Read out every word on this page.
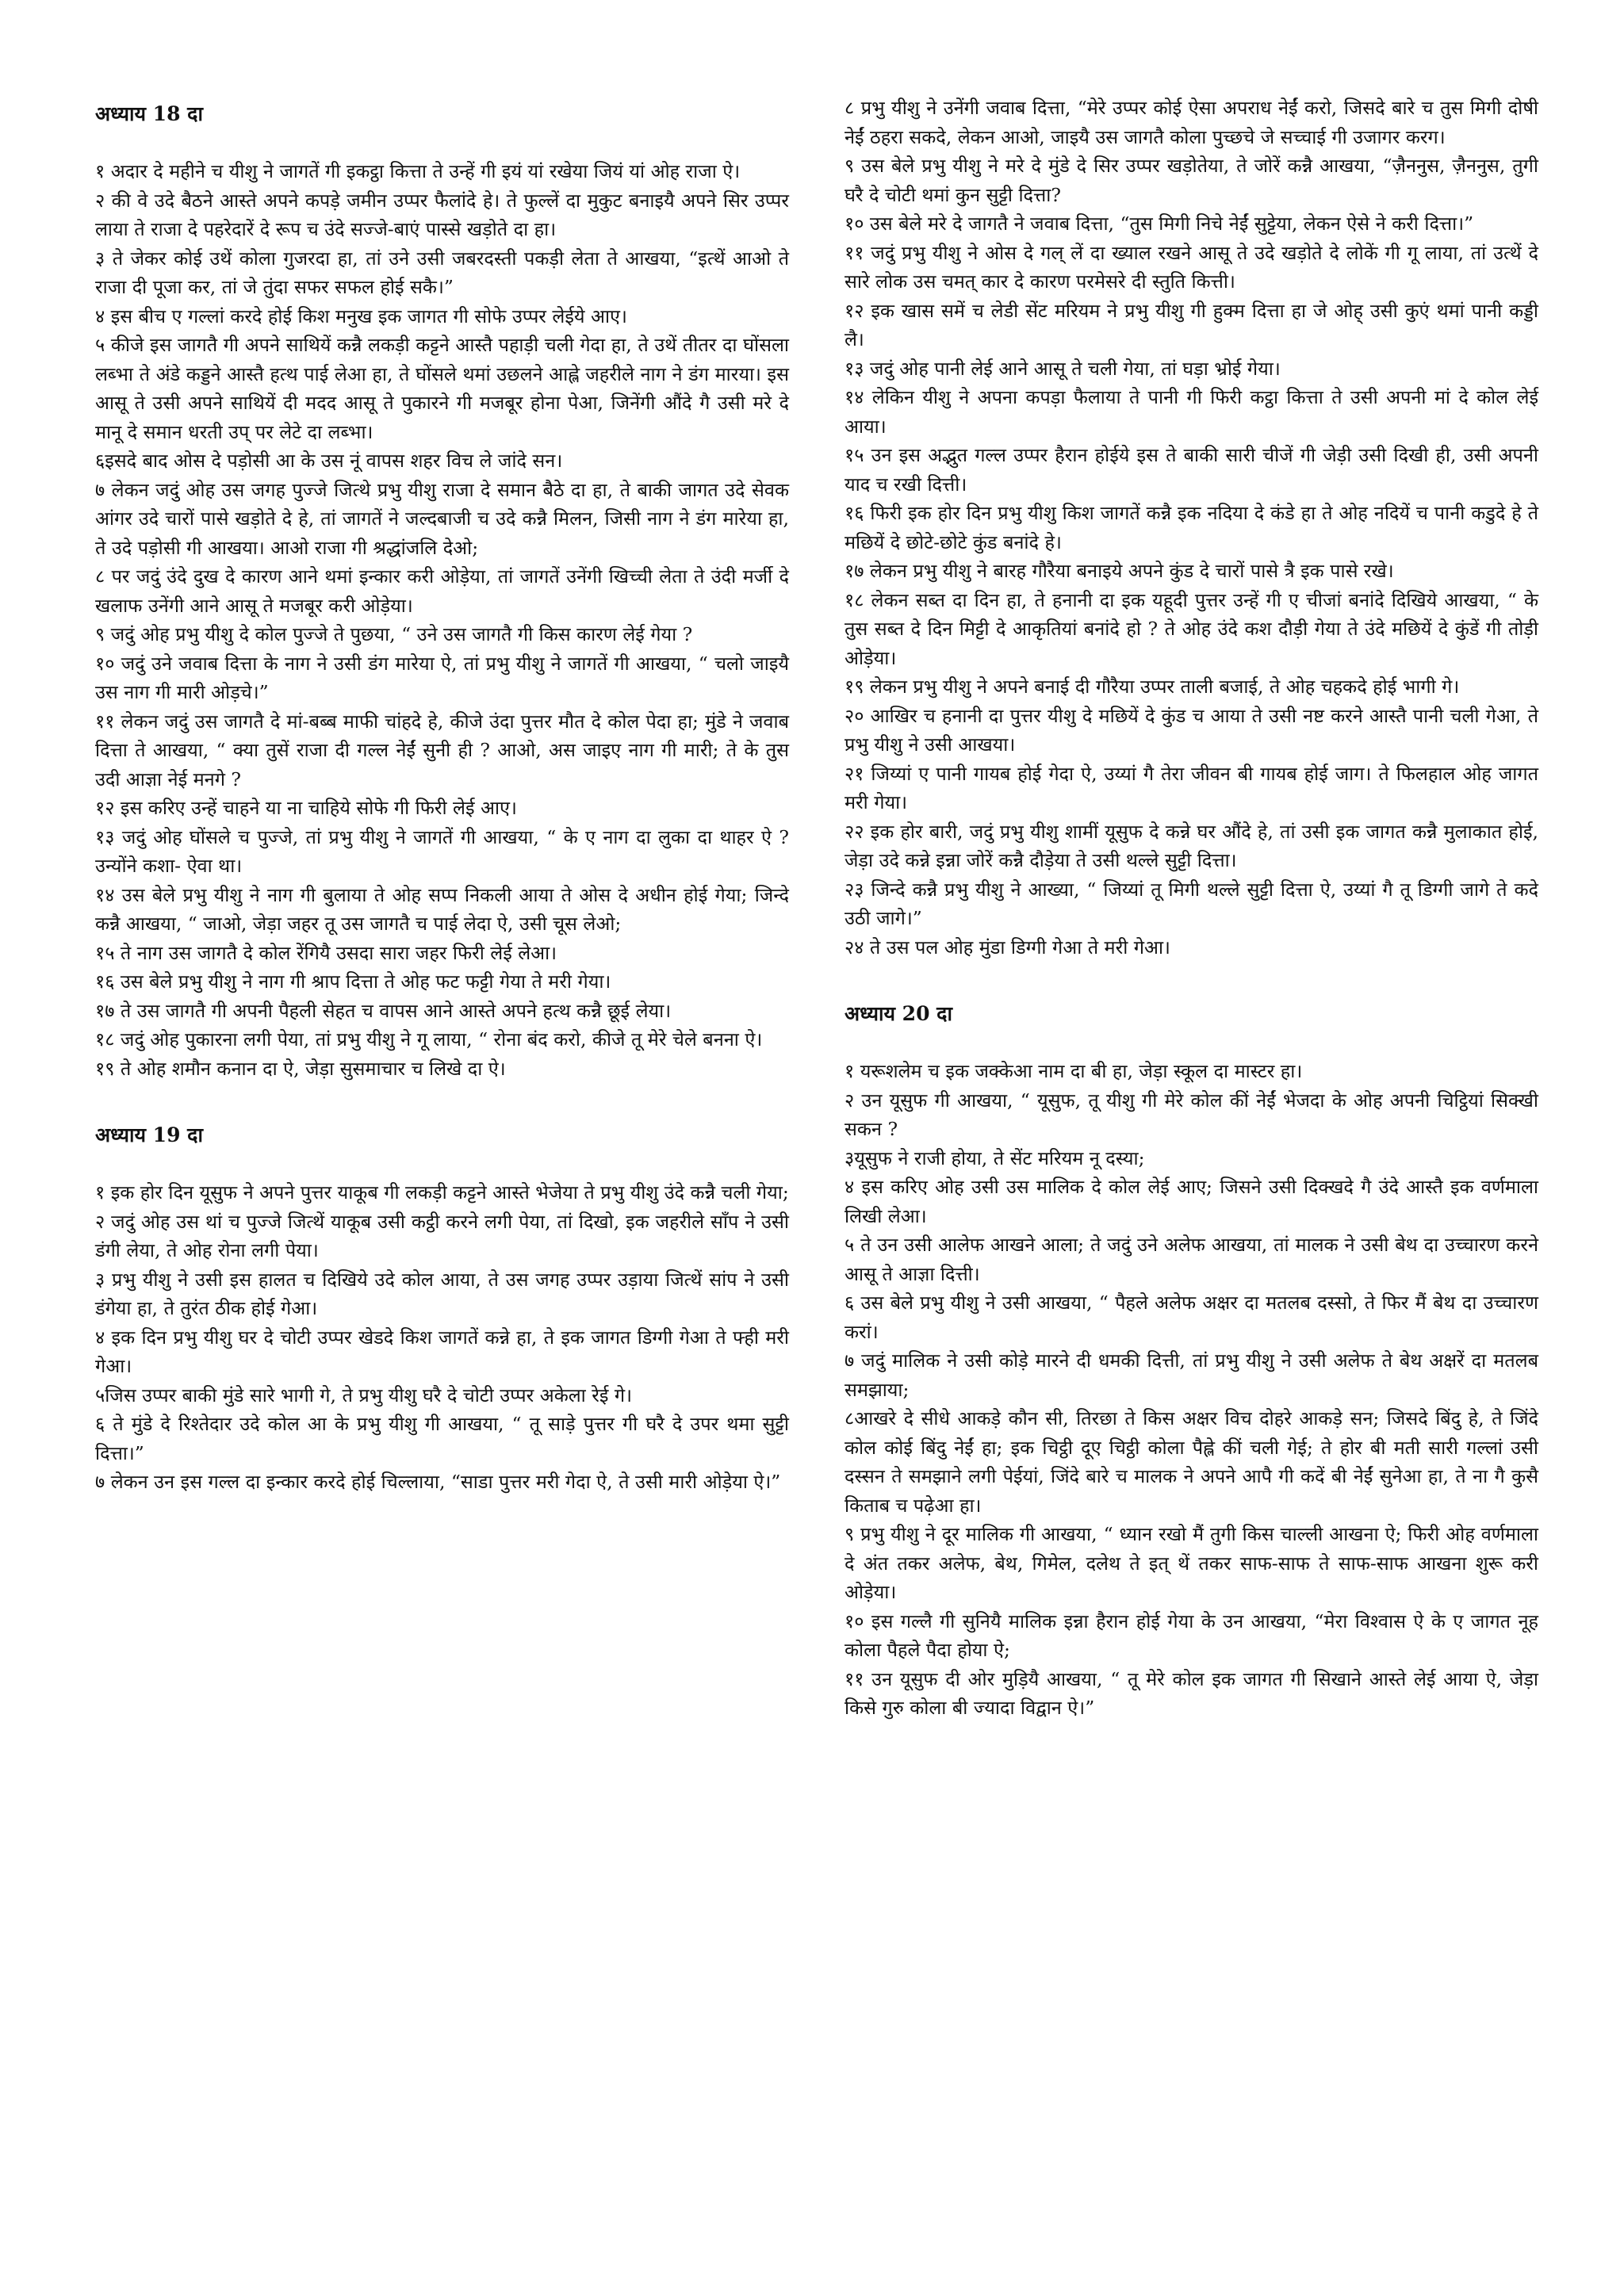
अध्याय 18 दा

१ अदार दे महीने च यीशु ने जागतें गी इकट्ठा कित्ता ते उन्हें गी इयं यां रखेया जियं यां ओह राजा ऐ।

२ की वे उदे बैठने आस्ते अपने कपड़े जमीन उप्पर फैलांदे हे। ते फुल्लें दा मुकुट बनाइयै अपने सिर उप्पर लाया ते राजा दे पहरेदारें दे रूप च उंदे सज्जे-बाएं पास्से खड़ोते दा हा।

३ ते जेकर कोई उथें कोला गुजरदा हा, तां उने उसी जबरदस्ती पकड़ी लेता ते आखया, “इत्थें आओ ते राजा दी पूजा कर, तां जे तुंदा सफर सफल होई सकै।”

४ इस बीच ए गल्लां करदे होई किश मनुख इक जागत गी सोफे उप्पर लेईये आए।

५ कीजे इस जागतै गी अपने साथियें कन्नै लकड़ी कट्टने आस्तै पहाड़ी चली गेदा हा, ते उथें तीतर दा घोंसला लब्भा ते अंडे कड्डने आस्तै हत्थ पाई लेआ हा, ते घोंसले थमां उछलने आह्ले जहरीले नाग ने डंग मारया। इस आसू ते उसी अपने साथियें दी मदद आसू ते पुकारने गी मजबूर होना पेआ, जिनेंगी औंदे गै उसी मरे दे मानू दे समान धरती उप् पर लेटे दा लब्भा।

६इसदे बाद ओस दे पड़ोसी आ के उस नूं वापस शहर विच ले जांदे सन।

७ लेकन जदुं ओह उस जगह पुज्जे जित्थे प्रभु यीशु राजा दे समान बैठे दा हा, ते बाकी जागत उदे सेवक आंगर उदे चारों पासे खड़ोते दे हे, तां जागतें ने जल्दबाजी च उदे कन्नै मिलन, जिसी नाग ने डंग मारेया हा, ते उदे पड़ोसी गी आखया। आओ राजा गी श्रद्धांजलि देओ;

८ पर जदुं उंदे दुख दे कारण आने थमां इन्कार करी ओड़ेया, तां जागतें उनेंगी खिच्ची लेता ते उंदी मर्जी दे खलाफ उनेंगी आने आसू ते मजबूर करी ओड़ेया।

९ जदुं ओह प्रभु यीशु दे कोल पुज्जे ते पुछया, “ उने उस जागतै गी किस कारण लेई गेया ?

१० जदुं उने जवाब दित्ता के नाग ने उसी डंग मारेया ऐ, तां प्रभु यीशु ने जागतें गी आखया, “ चलो जाइयै उस नाग गी मारी ओड़चे।”

११ लेकन जदुं उस जागतै दे मां-बब्ब माफी चांहदे हे, कीजे उंदा पुत्तर मौत दे कोल पेदा हा; मुंडे ने जवाब दित्ता ते आखया, “ क्या तुसें राजा दी गल्ल नेईं सुनी ही ? आओ, अस जाइए नाग गी मारी; ते के तुस उदी आज्ञा नेई मनगे ?

१२ इस करिए उन्हें चाहने या ना चाहिये सोफे गी फिरी लेई आए।

१३ जदुं ओह घोंसले च पुज्जे, तां प्रभु यीशु ने जागतें गी आखया, “ के ए नाग दा लुका दा थाहर ऐ ? उन्योंने कशा- ऐवा था।

१४ उस बेले प्रभु यीशु ने नाग गी बुलाया ते ओह सप्प निकली आया ते ओस दे अधीन होई गेया; जिन्दे कन्नै आखया, “ जाओ, जेड़ा जहर तू उस जागतै च पाई लेदा ऐ, उसी चूस लेओ;

१५ ते नाग उस जागतै दे कोल रेंगियै उसदा सारा जहर फिरी लेई लेआ।

१६ उस बेले प्रभु यीशु ने नाग गी श्राप दित्ता ते ओह फट फट्टी गेया ते मरी गेया।

१७ ते उस जागतै गी अपनी पैहली सेहत च वापस आने आस्ते अपने हत्थ कन्नै छूई लेया।

१८ जदुं ओह पुकारना लगी पेया, तां प्रभु यीशु ने गू लाया, “ रोना बंद करो, कीजे तू मेरे चेले बनना ऐ।

१९ ते ओह शमौन कनान दा ऐ, जेड़ा सुसमाचार च लिखे दा ऐ।

अध्याय 19 दा

१ इक होर दिन यूसुफ ने अपने पुत्तर याकूब गी लकड़ी कट्टने आस्ते भेजेया ते प्रभु यीशु उंदे कन्नै चली गेया;

२ जदुं ओह उस थां च पुज्जे जित्थें याकूब उसी कट्ठी करने लगी पेया, तां दिखो, इक जहरीले साँप ने उसी डंगी लेया, ते ओह रोना लगी पेया।

३ प्रभु यीशु ने उसी इस हालत च दिखिये उदे कोल आया, ते उस जगह उप्पर उड़ाया जित्थें सांप ने उसी डंगेया हा, ते तुरंत ठीक होई गेआ।

४ इक दिन प्रभु यीशु घर दे चोटी उप्पर खेडदे किश जागतें कन्ने हा, ते इक जागत डिग्गी गेआ ते फ्ही मरी गेआ।

५जिस उप्पर बाकी मुंडे सारे भागी गे, ते प्रभु यीशु घरै दे चोटी उप्पर अकेला रेई गे।

६ ते मुंडे दे रिश्तेदार उदे कोल आ के प्रभु यीशु गी आखया, “ तू साड़े पुत्तर गी घरै दे उपर थमा सुट्टी दित्ता।”

७ लेकन उन इस गल्ल दा इन्कार करदे होई चिल्लाया, “साडा पुत्तर मरी गेदा ऐ, ते उसी मारी ओड़ेया ऐ।”

८ प्रभु यीशु ने उनेंगी जवाब दित्ता, “मेरे उप्पर कोई ऐसा अपराध नेईं करो, जिसदे बारे च तुस मिगी दोषी नेईं ठहरा सकदे, लेकन आओ, जाइयै उस जागतै कोला पुच्छचे जे सच्चाई गी उजागर करग।

९ उस बेले प्रभु यीशु ने मरे दे मुंडे दे सिर उप्पर खड़ोतेया, ते जोरें कन्नै आखया, “ज़ैननुस, ज़ैननुस, तुगी घरै दे चोटी थमां कुन सुट्टी दित्ता?

१० उस बेले मरे दे जागतै ने जवाब दित्ता, “तुस मिगी निचे नेईं सुट्टेया, लेकन ऐसे ने करी दित्ता।”

११ जदुं प्रभु यीशु ने ओस दे गल् लें दा ख्याल रखने आसू ते उदे खड़ोते दे लोकें गी गू लाया, तां उत्थें दे सारे लोक उस चमत् कार दे कारण परमेसरे दी स्तुति कित्ती।

१२ इक खास समें च लेडी सेंट मरियम ने प्रभु यीशु गी हुक्म दित्ता हा जे ओह् उसी कुएं थमां पानी कड्डी लै।

१३ जदुं ओह पानी लेई आने आसू ते चली गेया, तां घड़ा भ्रोई गेया।

१४ लेकिन यीशु ने अपना कपड़ा फैलाया ते पानी गी फिरी कट्ठा कित्ता ते उसी अपनी मां दे कोल लेई आया।

१५ उन इस अद्भुत गल्ल उप्पर हैरान होईये इस ते बाकी सारी चीजें गी जेड़ी उसी दिखी ही, उसी अपनी याद च रखी दित्ती।

१६ फिरी इक होर दिन प्रभु यीशु किश जागतें कन्नै इक नदिया दे कंडे हा ते ओह नदियें च पानी कडुदे हे ते मछियें दे छोटे-छोटे कुंड बनांदे हे।

१७ लेकन प्रभु यीशु ने बारह गौरैया बनाइये अपने कुंड दे चारों पासे त्रै इक पासे रखे।

१८ लेकन सब्त दा दिन हा, ते हनानी दा इक यहूदी पुत्तर उन्हें गी ए चीजां बनांदे दिखिये आखया, “ के तुस सब्त दे दिन मिट्टी दे आकृतियां बनांदे हो ? ते ओह उंदे कश दौड़ी गेया ते उंदे मछियें दे कुंडें गी तोड़ी ओड़ेया।

१९ लेकन प्रभु यीशु ने अपने बनाई दी गौरैया उप्पर ताली बजाई, ते ओह चहकदे होई भागी गे।

२० आखिर च हनानी दा पुत्तर यीशु दे मछियें दे कुंड च आया ते उसी नष्ट करने आस्तै पानी चली गेआ, ते प्रभु यीशु ने उसी आखया।

२१ जिय्यां ए पानी गायब होई गेदा ऐ, उय्यां गै तेरा जीवन बी गायब होई जाग। ते फिलहाल ओह जागत मरी गेया।

२२ इक होर बारी, जदुं प्रभु यीशु शामीं यूसुफ दे कन्ने घर औंदे हे, तां उसी इक जागत कन्नै मुलाकात होई, जेड़ा उदे कन्ने इन्ना जोरें कन्नै दौड़ेया ते उसी थल्ले सुट्टी दित्ता।

२३ जिन्दे कन्नै प्रभु यीशु ने आख्या, “ जिय्यां तू मिगी थल्ले सुट्टी दित्ता ऐ, उय्यां गै तू डिग्गी जागे ते कदे उठी जागे।”

२४ ते उस पल ओह मुंडा डिग्गी गेआ ते मरी गेआ।

अध्याय 20 दा

१ यरूशलेम च इक जक्केआ नाम दा बी हा, जेड़ा स्कूल दा मास्टर हा।

२ उन यूसुफ गी आखया, “ यूसुफ, तू यीशु गी मेरे कोल कीं नेईं भेजदा के ओह अपनी चिट्ठियां सिक्खी सकन ?

३यूसुफ ने राजी होया, ते सेंट मरियम नू दस्या;

४ इस करिए ओह उसी उस मालिक दे कोल लेई आए; जिसने उसी दिक्खदे गै उंदे आस्तै इक वर्णमाला लिखी लेआ।

५ ते उन उसी आलेफ आखने आला; ते जदुं उने अलेफ आखया, तां मालक ने उसी बेथ दा उच्चारण करने आसू ते आज्ञा दित्ती।

६ उस बेले प्रभु यीशु ने उसी आखया, “ पैहले अलेफ अक्षर दा मतलब दस्सो, ते फिर मैं बेथ दा उच्चारण करां।

७ जदुं मालिक ने उसी कोड़े मारने दी धमकी दित्ती, तां प्रभु यीशु ने उसी अलेफ ते बेथ अक्षरें दा मतलब समझाया;

८आखरे दे सीधे आकड़े कौन सी, तिरछा ते किस अक्षर विच दोहरे आकड़े सन; जिसदे बिंदु हे, ते जिंदे कोल कोई बिंदु नेईं हा; इक चिट्ठी दूए चिट्ठी कोला पैह्ले कीं चली गेई; ते होर बी मती सारी गल्लां उसी दस्सन ते समझाने लगी पेईयां, जिंदे बारे च मालक ने अपने आपै गी कदें बी नेईं सुनेआ हा, ते ना गै कुसै किताब च पढ़ेआ हा।

९ प्रभु यीशु ने दूर मालिक गी आखया, “ ध्यान रखो मैं तुगी किस चाल्ली आखना ऐ; फिरी ओह वर्णमाला दे अंत तकर अलेफ, बेथ, गिमेल, दलेथ ते इत् थें तकर साफ-साफ ते साफ-साफ आखना शुरू करी ओड़ेया।

१० इस गल्लै गी सुनियै मालिक इन्ना हैरान होई गेया के उन आखया, “मेरा विश्वास ऐ के ए जागत नूह कोला पैहले पैदा होया ऐ;

११ उन यूसुफ दी ओर मुड़ियै आखया, “ तू मेरे कोल इक जागत गी सिखाने आस्ते लेई आया ऐ, जेड़ा किसे गुरु कोला बी ज्यादा विद्वान ऐ।”
